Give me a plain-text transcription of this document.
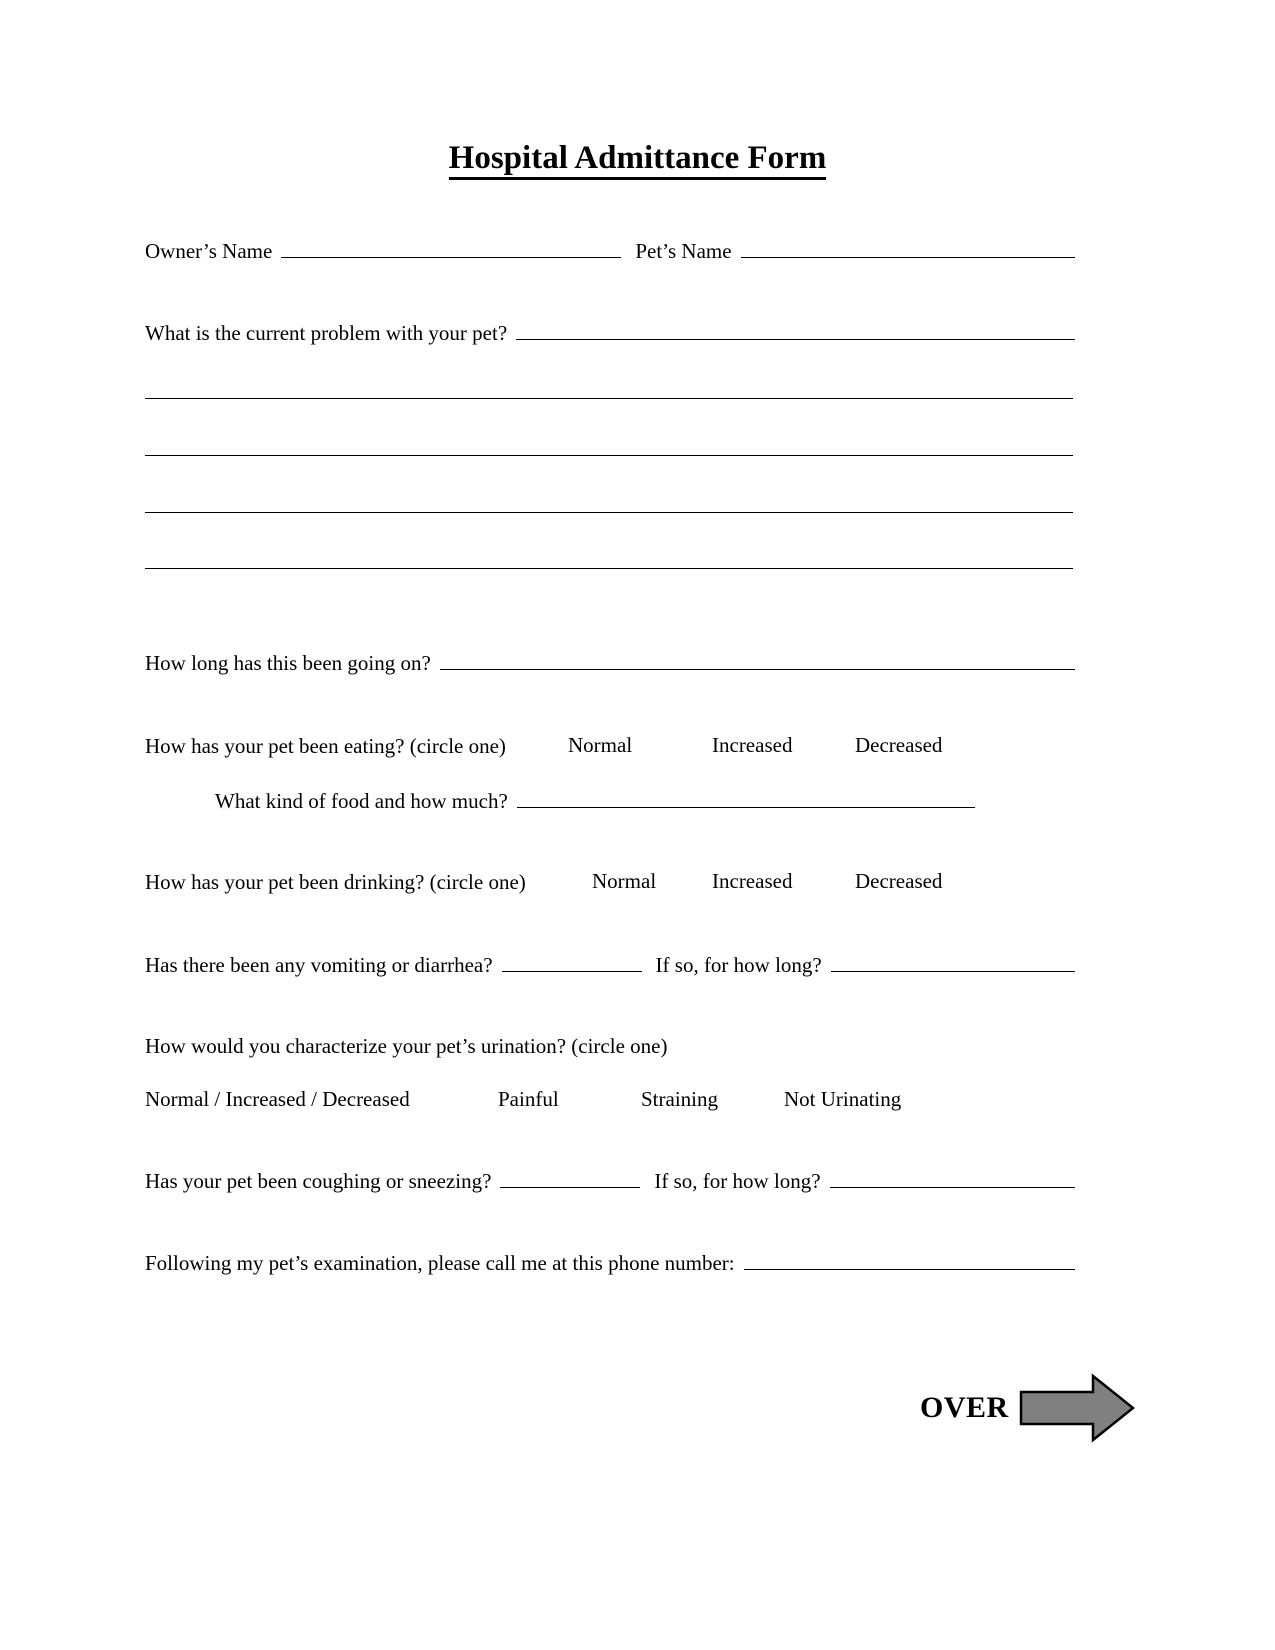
Hospital Admittance Form
Owner’s Name	Pet’s Name
What is the current problem with your pet?
How long has this been going on?
How has your pet been eating? (circle one)	Normal	Increased	Decreased
What kind of food and how much?
How has your pet been drinking? (circle one)	Normal	Increased	Decreased
Has there been any vomiting or diarrhea?	If so, for how long?
How would you characterize your pet’s urination? (circle one)
Normal / Increased / Decreased	Painful	Straining	Not Urinating
Has your pet been coughing or sneezing?	If so, for how long?
Following my pet’s examination, please call me at this phone number:
OVER
